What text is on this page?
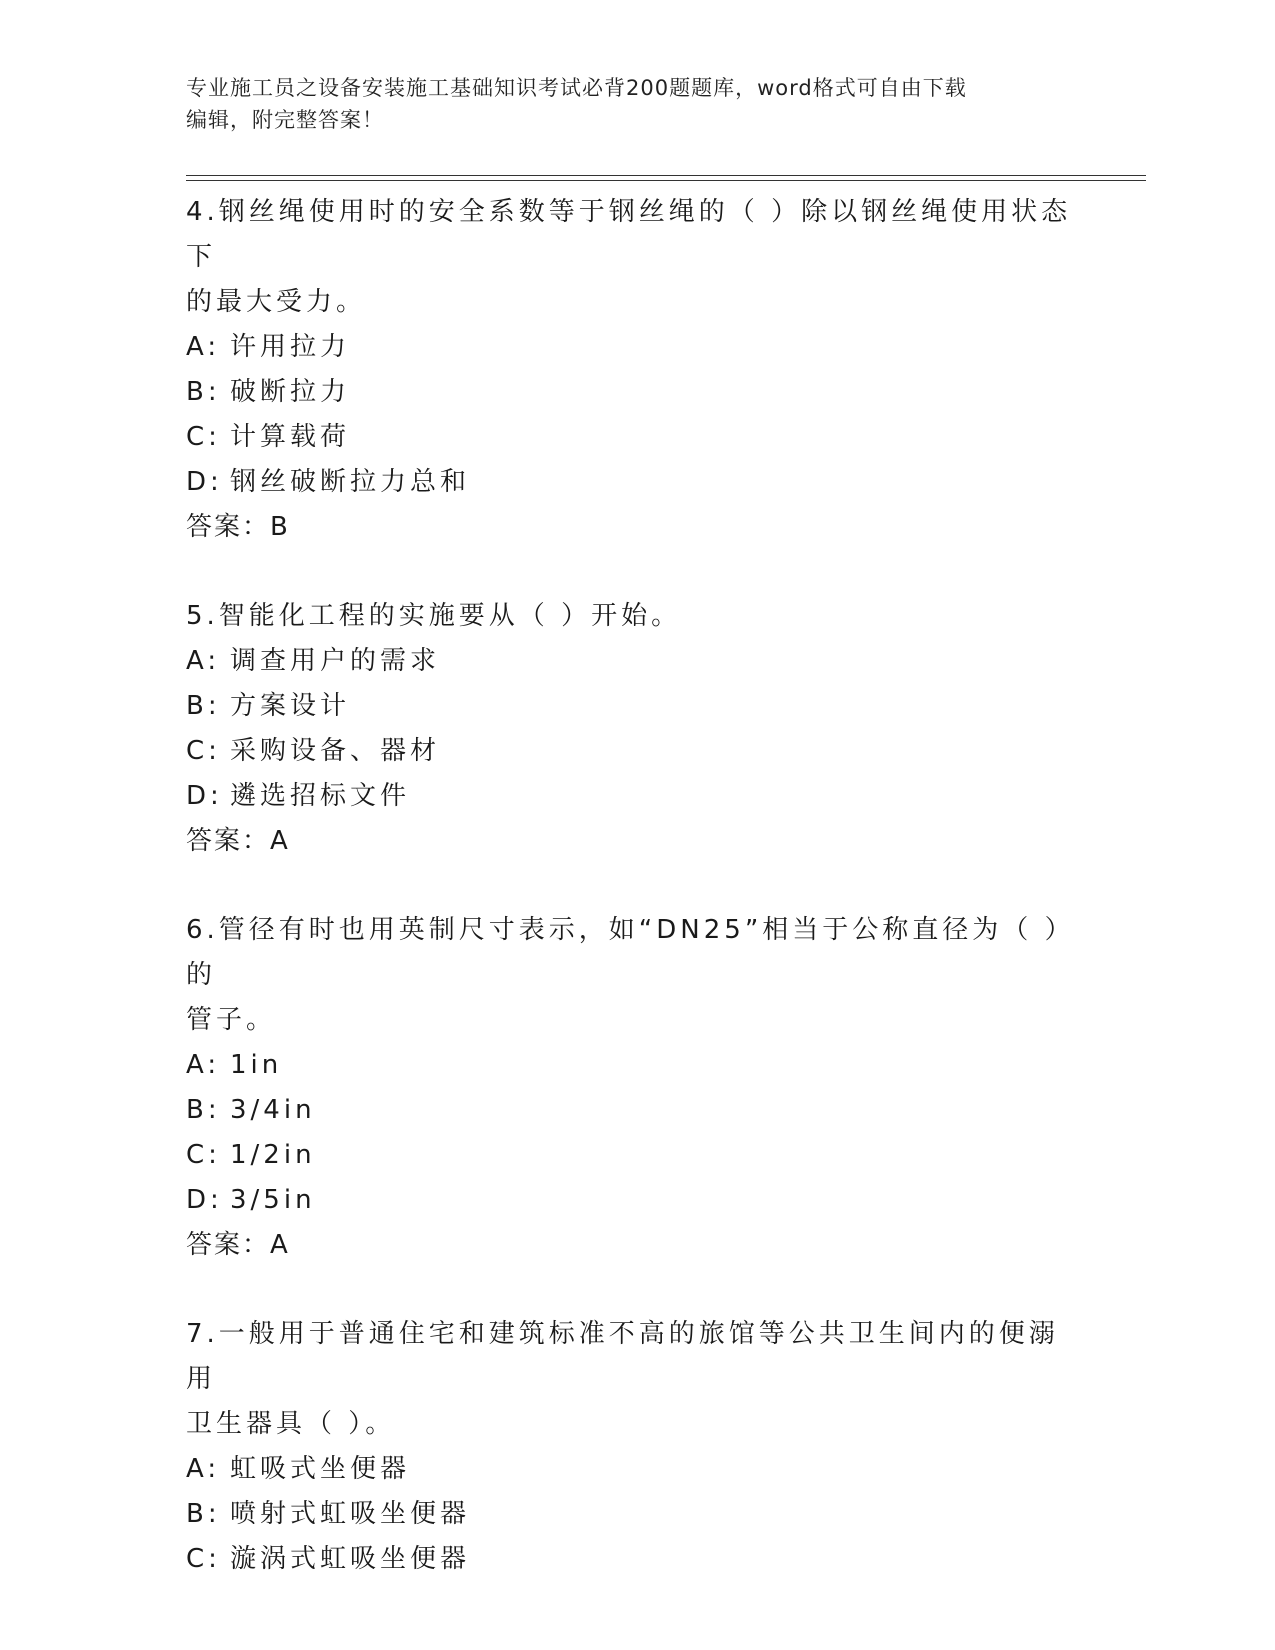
专业施工员之设备安装施工基础知识考试必背200题题库，word格式可自由下载
编辑，附完整答案！

4.钢丝绳使用时的安全系数等于钢丝绳的（ ）除以钢丝绳使用状态下

的最大受力。

A: 许用拉力

B: 破断拉力

C: 计算载荷

D: 钢丝破断拉力总和

答案：B

5.智能化工程的实施要从（ ）开始。

A: 调查用户的需求

B: 方案设计

C: 采购设备、器材

D: 遴选招标文件

答案：A

6.管径有时也用英制尺寸表示，如“DN25”相当于公称直径为（ ）的

管子。

A: 1in

B: 3/4in

C: 1/2in

D: 3/5in

答案：A

7.一般用于普通住宅和建筑标准不高的旅馆等公共卫生间内的便溺用

卫生器具（ ）。

A: 虹吸式坐便器

B: 喷射式虹吸坐便器

C: 漩涡式虹吸坐便器
